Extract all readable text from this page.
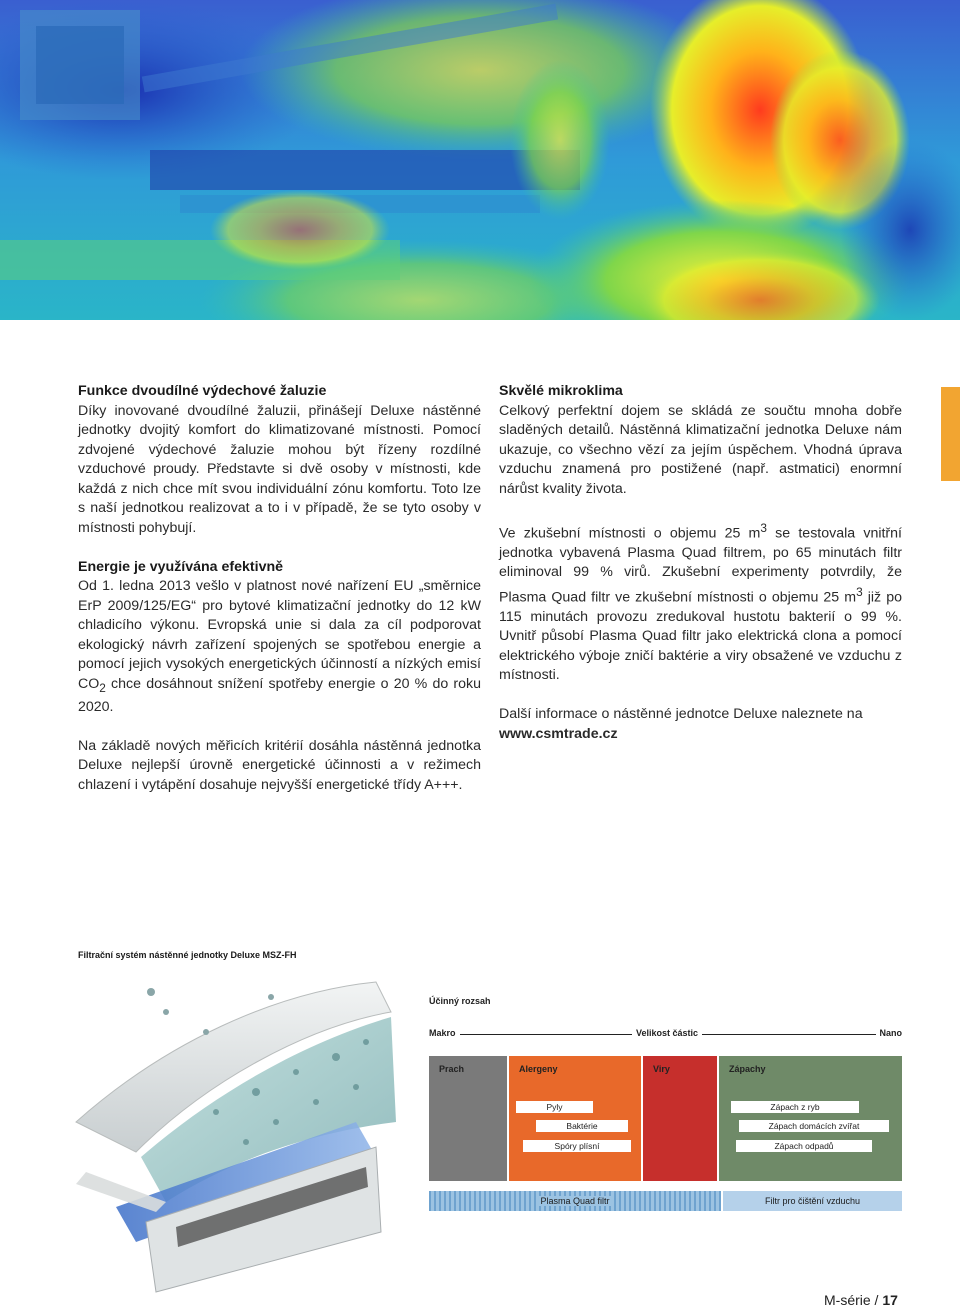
Funkce dvoudílné výdechové žaluzie

Díky inovované dvoudílné žaluzii, přinášejí Deluxe nástěnné jednotky dvojitý komfort do klimatizované místnosti. Pomocí zdvojené výdechové žaluzie mohou být řízeny rozdílné vzduchové proudy. Představte si dvě osoby v místnosti, kde každá z nich chce mít svou individuální zónu komfortu. Toto lze s naší jednotkou realizovat a to i v případě, že se tyto osoby v místnosti pohybují.

Energie je využívána efektivně

Od 1. ledna 2013 vešlo v platnost nové nařízení EU „směrnice ErP 2009/125/EG“ pro bytové klimatizační jednotky do 12 kW chladicího výkonu. Evropská unie si dala za cíl podporovat ekologický návrh zařízení spojených se spotřebou energie a pomocí jejich vysokých energetických účinností a nízkých emisí $CO_2$ chce dosáhnout snížení spotřeby energie o 20 % do roku 2020.

Na základě nových měřicích kritérií dosáhla nástěnná jednotka Deluxe nejlepší úrovně energetické účinnosti a v režimech chlazení i vytápění dosahuje nejvyšší energetické třídy A+++.

Skvělé mikroklima

Celkový perfektní dojem se skládá ze součtu mnoha dobře sladěných detailů. Nástěnná klimatizační jednotka Deluxe nám ukazuje, co všechno vězí za jejím úspěchem. Vhodná úprava vzduchu znamená pro postižené (např. astmatici) enormní nárůst kvality života.

Ve zkušební místnosti o objemu 25 $m^3$ se testovala vnitřní jednotka vybavená Plasma Quad filtrem, po 65 minutách filtr eliminoval 99 % virů. Zkušební experimenty potvrdily, že Plasma Quad filtr ve zkušební místnosti o objemu 25 $m^3$ již po 115 minutách provozu zredukoval hustotu bakterií o 99 %. Uvnitř působí Plasma Quad filtr jako elektrická clona a pomocí elektrického výboje zničí baktérie a viry obsažené ve vzduchu z místnosti.

Další informace o nástěnné jednotce Deluxe naleznete na
www.csmtrade.cz

Filtrační systém nástěnné jednotky Deluxe MSZ-FH
Účinný rozsah
Makro	Velikost částic	Nano
Prach	Alergeny	Viry	Zápachy
Pyly
Baktérie
Spóry plísní
Zápach z ryb
Zápach domácích zvířat
Zápach odpadů
Plasma Quad filtr	Filtr pro čištění vzduchu
M-série / 17
